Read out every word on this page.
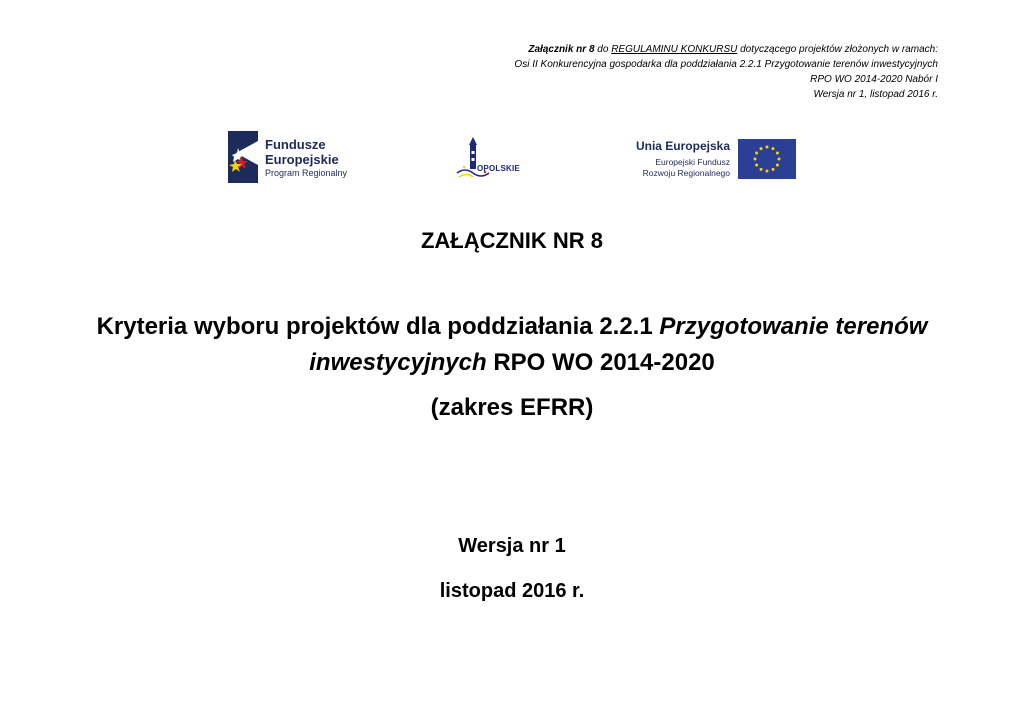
Załącznik nr 8 do REGULAMINU KONKURSU dotyczącego projektów złożonych w ramach:
Osi II Konkurencyjna gospodarka dla poddziałania 2.2.1 Przygotowanie terenów inwestycyjnych
RPO WO 2014-2020 Nabór I
Wersja nr 1, listopad 2016 r.
Fundusze
Europejskie
Program Regionalny	OPOLSKIE
Unia Europejska
Europejski Fundusz
Rozwoju Regionalnego
ZAŁĄCZNIK NR 8
Kryteria wyboru projektów dla poddziałania 2.2.1 Przygotowanie terenów
inwestycyjnych RPO WO 2014-2020
(zakres EFRR)
Wersja nr 1
listopad 2016 r.
